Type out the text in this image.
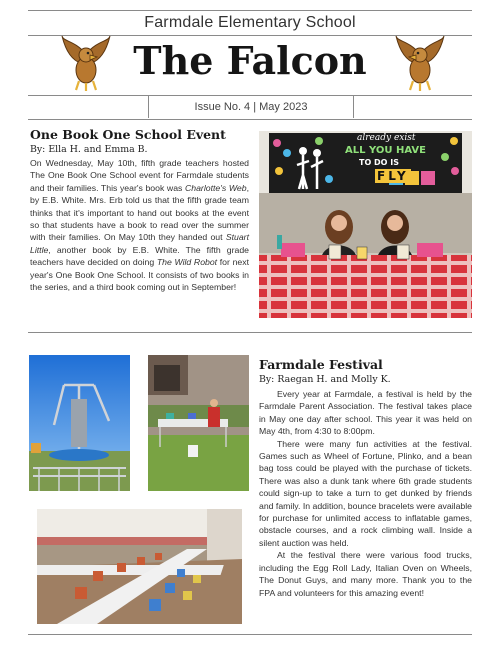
Farmdale Elementary School
The Falcon
Issue No. 4 | May 2023
One Book One School Event
By: Ella H. and Emma B.

On Wednesday, May 10th, fifth grade teachers hosted The One Book One School event for Farmdale students and their families. This year's book was Charlotte's Web, by E.B. White. Mrs. Erb told us that the fifth grade team thinks that it's important to hand out books at the event so that students have a book to read over the summer with their families. On May 10th they handed out Stuart Little, another book by E.B. White. The fifth grade teachers have decided on doing The Wild Robot for next year's One Book One School. It consists of two books in the series, and a third book coming out in September!

already exist
ALL YOU HAVE
TO DO IS
FLY
Farmdale Festival
By: Raegan H. and Molly K.

Every year at Farmdale, a festival is held by the Farmdale Parent Association. The festival takes place in May one day after school. This year it was held on May 4th, from 4:30 to 8:00pm.

There were many fun activities at the festival. Games such as Wheel of Fortune, Plinko, and a bean bag toss could be played with the purchase of tickets. There was also a dunk tank where 6th grade students could sign-up to take a turn to get dunked by friends and family. In addition, bounce bracelets were available for purchase for unlimited access to inflatable games, obstacle courses, and a rock climbing wall. Inside a silent auction was held.

At the festival there were various food trucks, including the Egg Roll Lady, Italian Oven on Wheels, The Donut Guys, and many more. Thank you to the FPA and volunteers for this amazing event!
